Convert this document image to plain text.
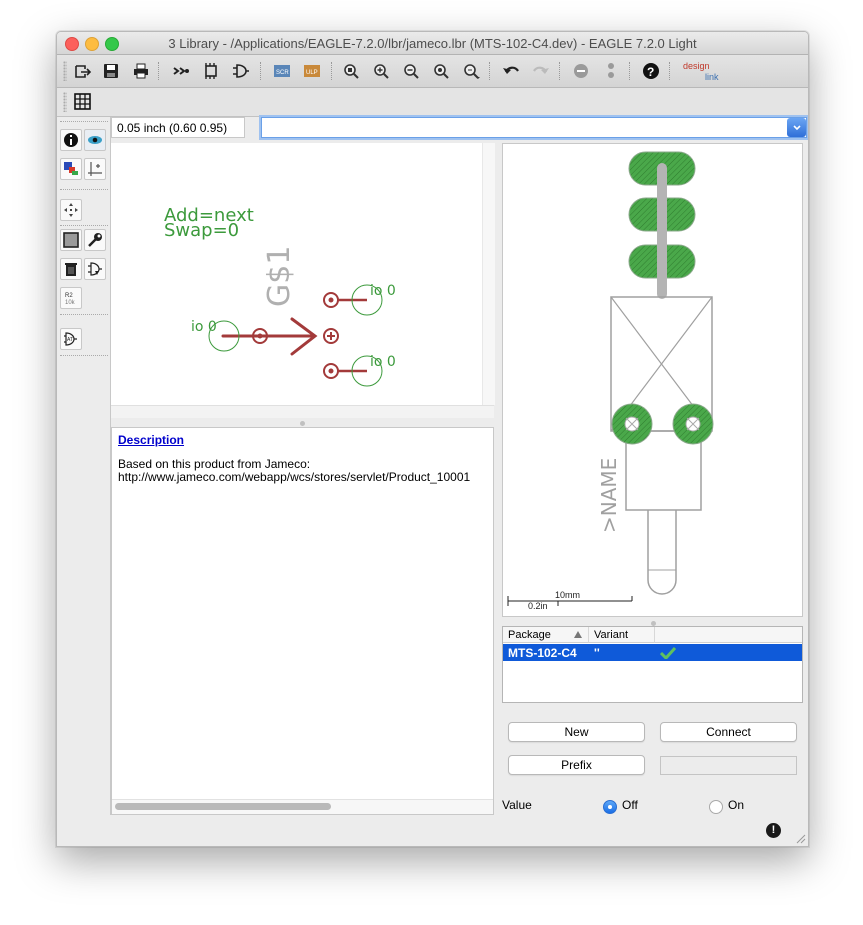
3 Library - /Applications/EAGLE-7.2.0/lbr/jameco.lbr (MTS-102-C4.dev) - EAGLE 7.2.0 Light
SCR	ULP	?	design
link
R2
10k
AT
0.05 inch (0.60 0.95)
Add=next
Swap=0
G$1	io 0
io 0
io 0
Description
Based on this product from Jameco:
http://www.jameco.com/webapp/wcs/stores/servlet/Product_10001	>NAME
10mm
0.2in
Package	Variant
MTS-102-C4 ''
New	Connect
Prefix
Value	Off	On
!
